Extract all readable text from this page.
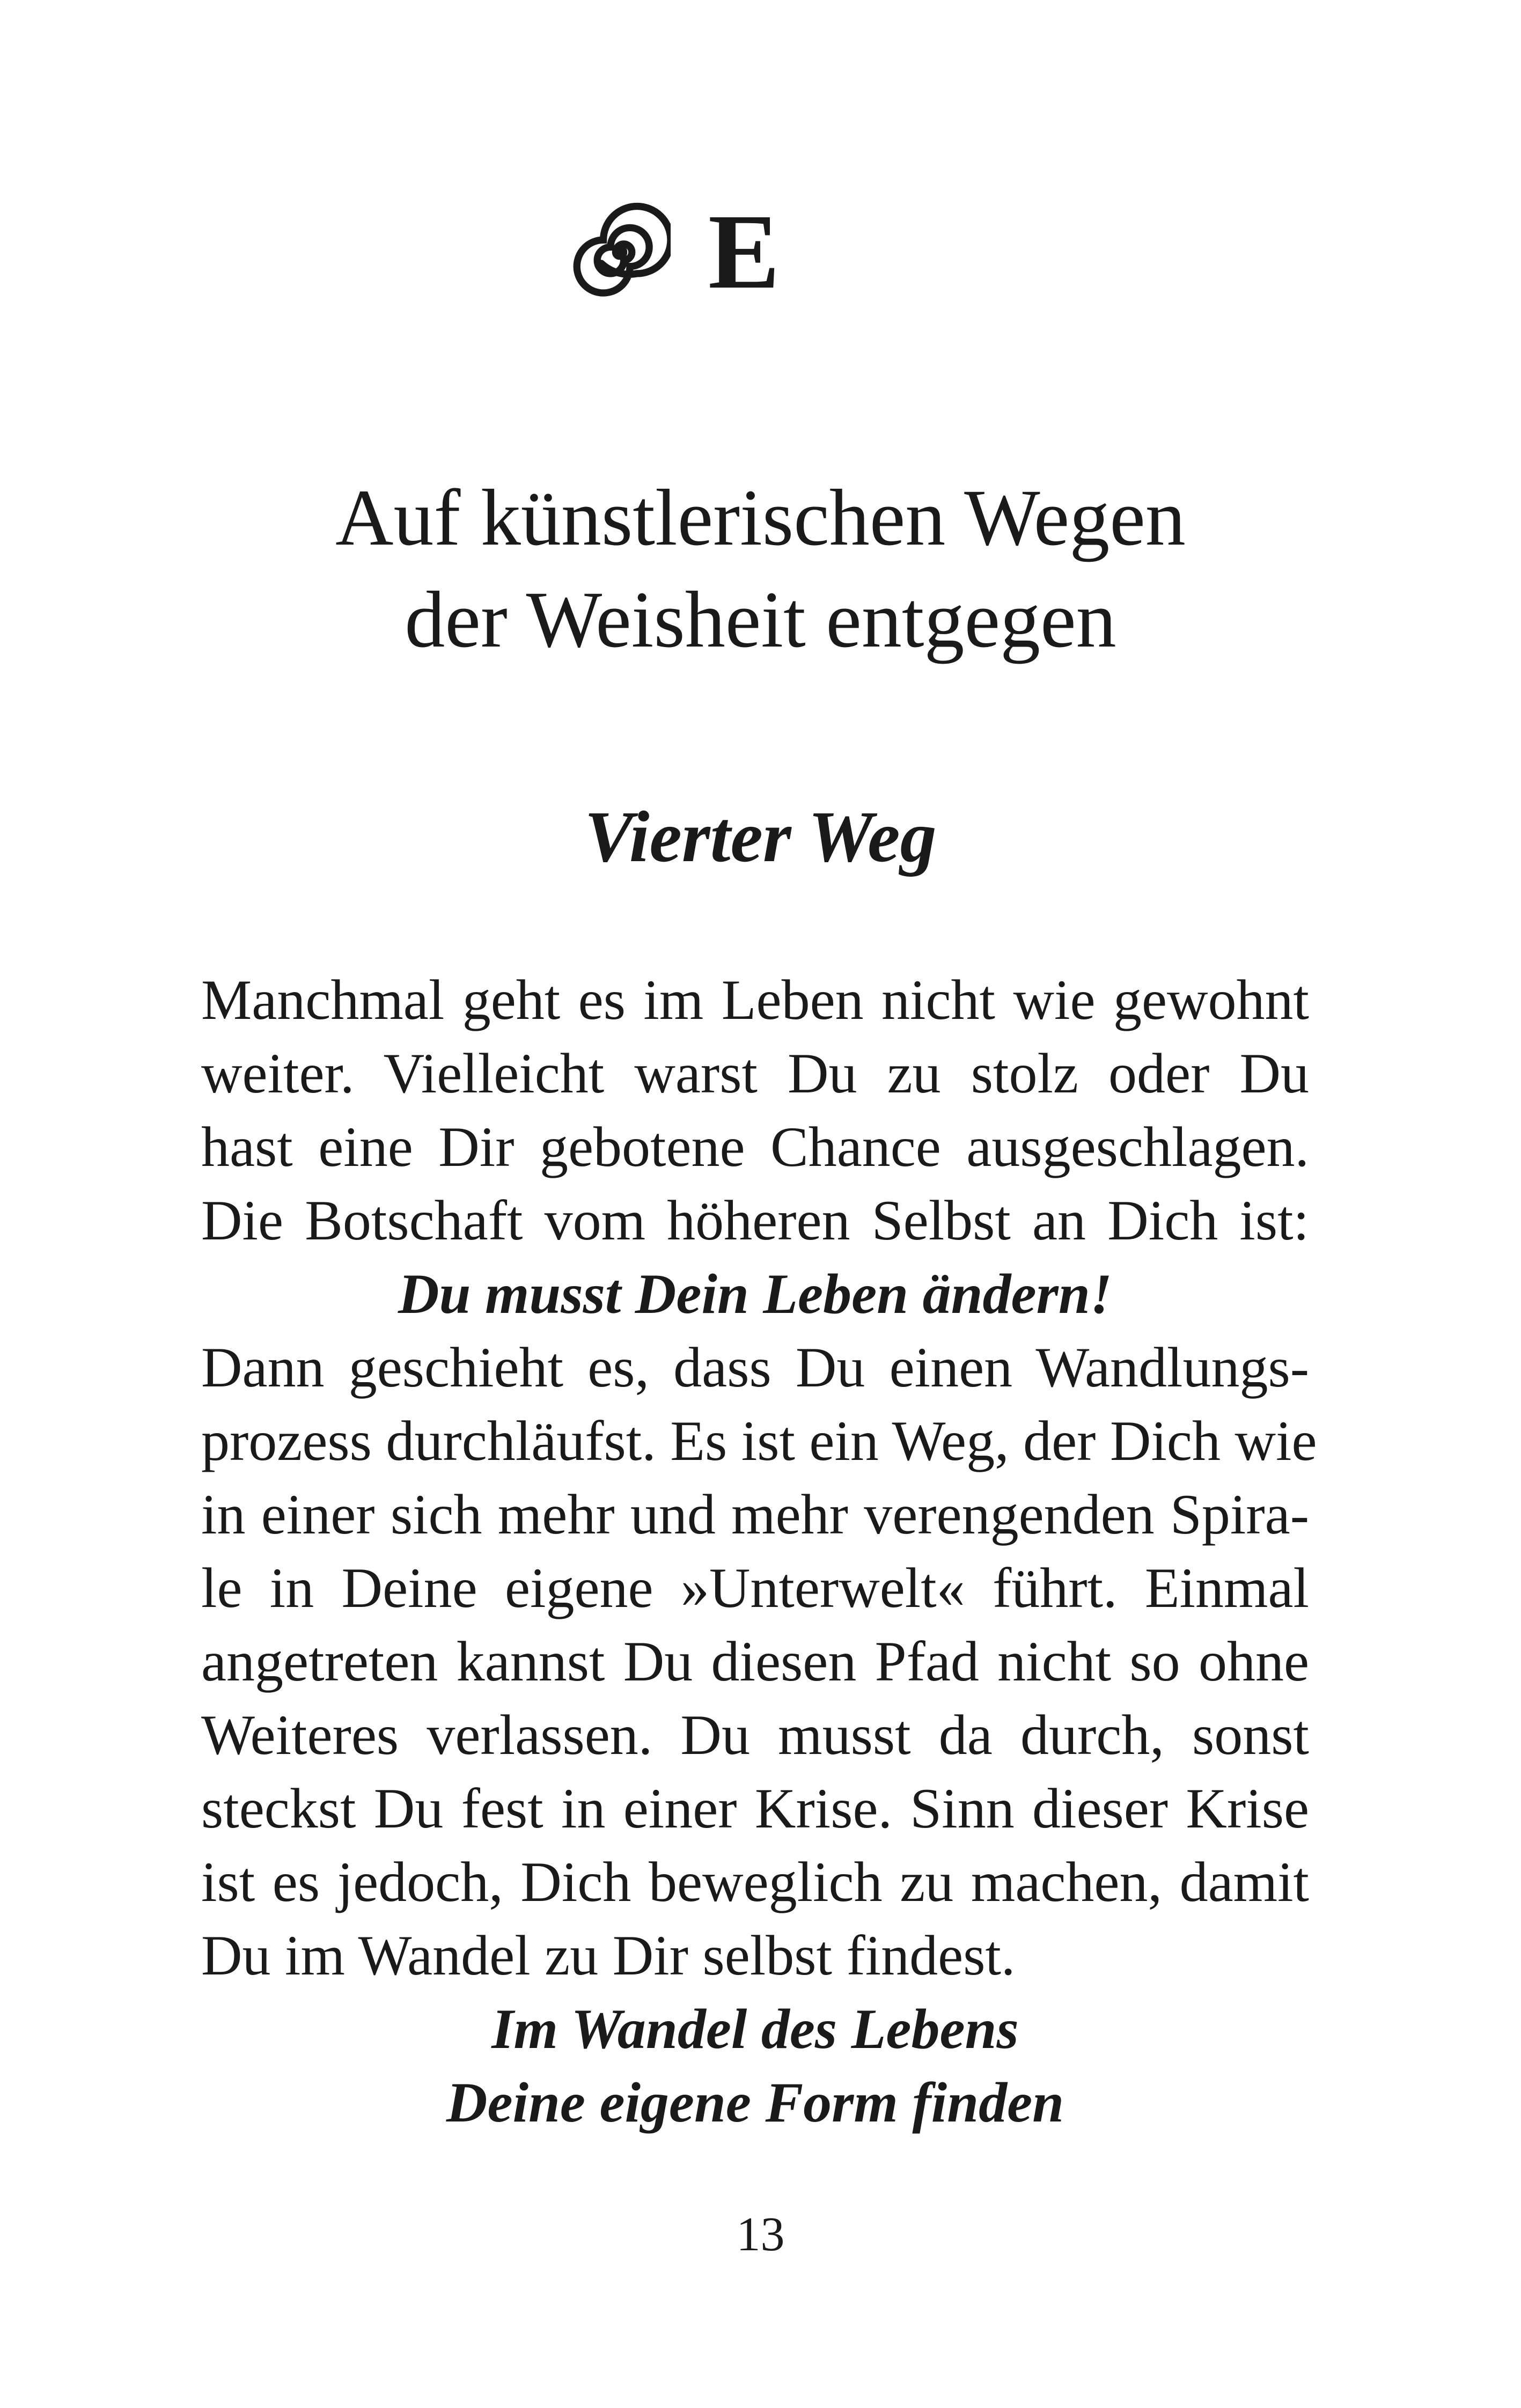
E
Auf künstlerischen Wegen
der Weisheit entgegen
Vierter Weg
Manchmal geht es im Leben nicht wie gewohnt
weiter. Vielleicht warst Du zu stolz oder Du
hast eine Dir gebotene Chance ausgeschlagen.
Die Botschaft vom höheren Selbst an Dich ist:
Du musst Dein Leben ändern!
Dann geschieht es, dass Du einen Wandlungs-
prozess durchläufst. Es ist ein Weg, der Dich wie
in einer sich mehr und mehr verengenden Spira-
le in Deine eigene »Unterwelt« führt. Einmal
angetreten kannst Du diesen Pfad nicht so ohne
Weiteres verlassen. Du musst da durch, sonst
steckst Du fest in einer Krise. Sinn dieser Krise
ist es jedoch, Dich beweglich zu machen, damit
Du im Wandel zu Dir selbst findest.
Im Wandel des Lebens
Deine eigene Form finden
13
